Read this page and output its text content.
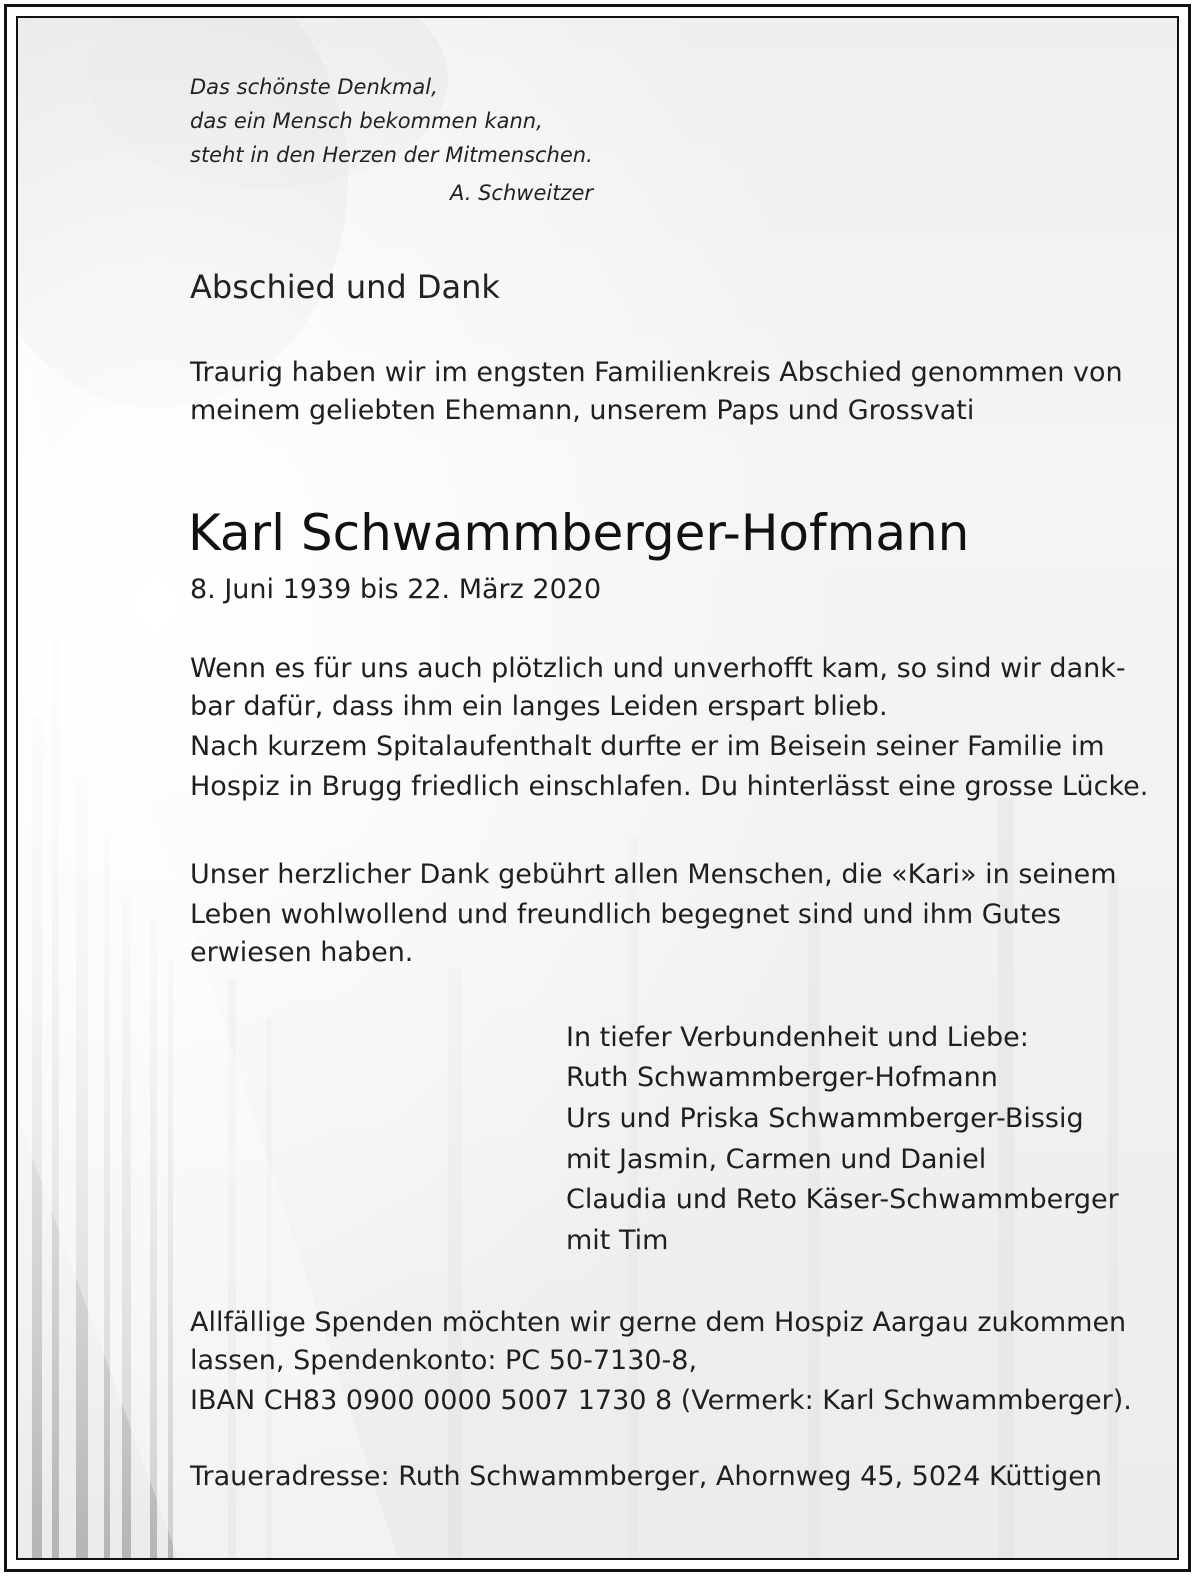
Das schönste Denkmal,

das ein Mensch bekommen kann,

steht in den Herzen der Mitmenschen.

A. Schweitzer

Abschied und Dank

Traurig haben wir im engsten Familienkreis Abschied genommen von

meinem geliebten Ehemann, unserem Paps und Grossvati

Karl Schwammberger-Hofmann

8. Juni 1939 bis 22. März 2020

Wenn es für uns auch plötzlich und unverhofft kam, so sind wir dank-

bar dafür, dass ihm ein langes Leiden erspart blieb.

Nach kurzem Spitalaufenthalt durfte er im Beisein seiner Familie im

Hospiz in Brugg friedlich einschlafen. Du hinterlässt eine grosse Lücke.

Unser herzlicher Dank gebührt allen Menschen, die «Kari» in seinem

Leben wohlwollend und freundlich begegnet sind und ihm Gutes

erwiesen haben.

In tiefer Verbundenheit und Liebe:

Ruth Schwammberger-Hofmann

Urs und Priska Schwammberger-Bissig

mit Jasmin, Carmen und Daniel

Claudia und Reto Käser-Schwammberger

mit Tim

Allfällige Spenden möchten wir gerne dem Hospiz Aargau zukommen

lassen, Spendenkonto: PC 50-7130-8,

IBAN CH83 0900 0000 5007 1730 8 (Vermerk: Karl Schwammberger).

Traueradresse: Ruth Schwammberger, Ahornweg 45, 5024 Küttigen
